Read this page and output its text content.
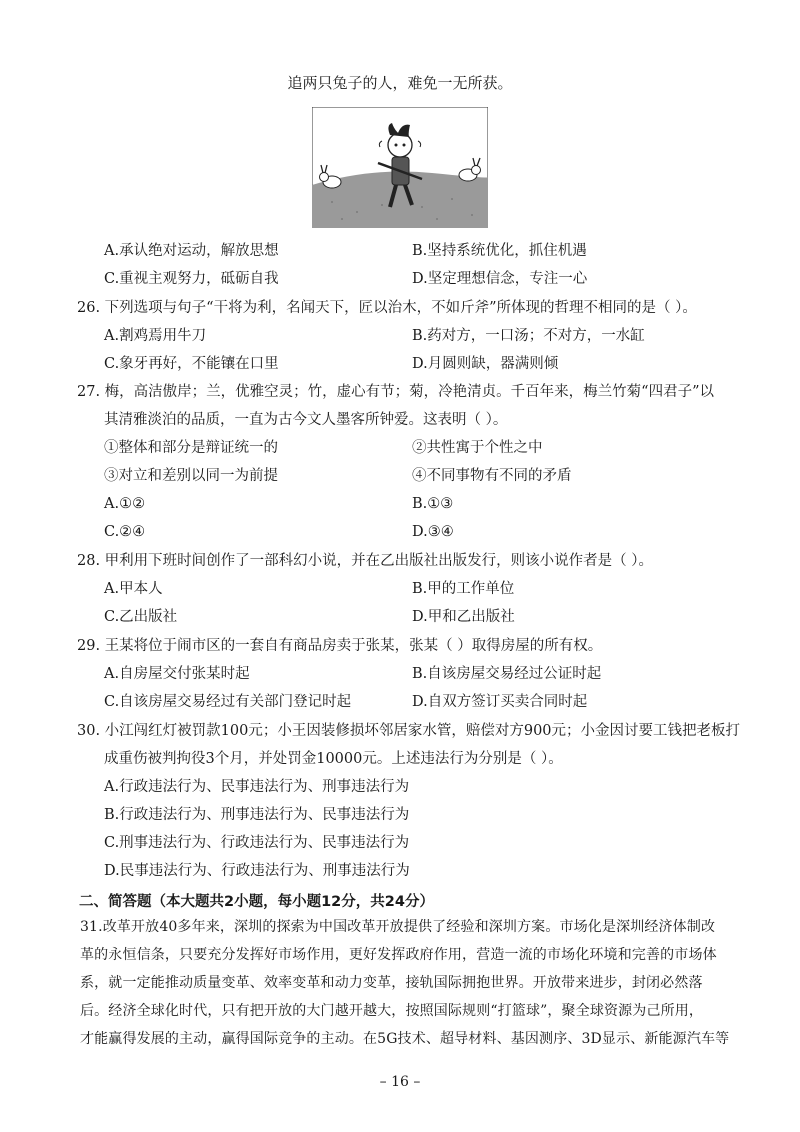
追两只兔子的人，难免一无所获。
A.承认绝对运动，解放思想	B.坚持系统优化，抓住机遇
C.重视主观努力，砥砺自我	D.坚定理想信念，专注一心
26. 下列选项与句子“干将为利，名闻天下，匠以治木，不如斤斧”所体现的哲理不相同的是（ ）。
A.割鸡焉用牛刀	B.药对方，一口汤；不对方，一水缸
C.象牙再好，不能镶在口里	D.月圆则缺，器满则倾
27. 梅，高洁傲岸；兰，优雅空灵；竹，虚心有节；菊，冷艳清贞。千百年来，梅兰竹菊“四君子”以
其清雅淡泊的品质，一直为古今文人墨客所钟爱。这表明（ ）。
①整体和部分是辩证统一的	②共性寓于个性之中
③对立和差别以同一为前提	④不同事物有不同的矛盾
A.①②	B.①③
C.②④	D.③④
28. 甲利用下班时间创作了一部科幻小说，并在乙出版社出版发行，则该小说作者是（ ）。
A.甲本人	B.甲的工作单位
C.乙出版社	D.甲和乙出版社
29. 王某将位于闹市区的一套自有商品房卖于张某，张某（ ）取得房屋的所有权。
A.自房屋交付张某时起	B.自该房屋交易经过公证时起
C.自该房屋交易经过有关部门登记时起	D.自双方签订买卖合同时起
30. 小江闯红灯被罚款100元；小王因装修损坏邻居家水管，赔偿对方900元；小金因讨要工钱把老板打
成重伤被判拘役3个月，并处罚金10000元。上述违法行为分别是（ ）。
A.行政违法行为、民事违法行为、刑事违法行为
B.行政违法行为、刑事违法行为、民事违法行为
C.刑事违法行为、行政违法行为、民事违法行为
D.民事违法行为、行政违法行为、刑事违法行为
二、简答题（本大题共2小题，每小题12分，共24分）
31.改革开放40多年来，深圳的探索为中国改革开放提供了经验和深圳方案。市场化是深圳经济体制改
革的永恒信条，只要充分发挥好市场作用，更好发挥政府作用，营造一流的市场化环境和完善的市场体
系，就一定能推动质量变革、效率变革和动力变革，接轨国际拥抱世界。开放带来进步，封闭必然落
后。经济全球化时代，只有把开放的大门越开越大，按照国际规则“打篮球”，聚全球资源为己所用，
才能赢得发展的主动，赢得国际竞争的主动。在5G技术、超导材料、基因测序、3D显示、新能源汽车等
– 16 –
